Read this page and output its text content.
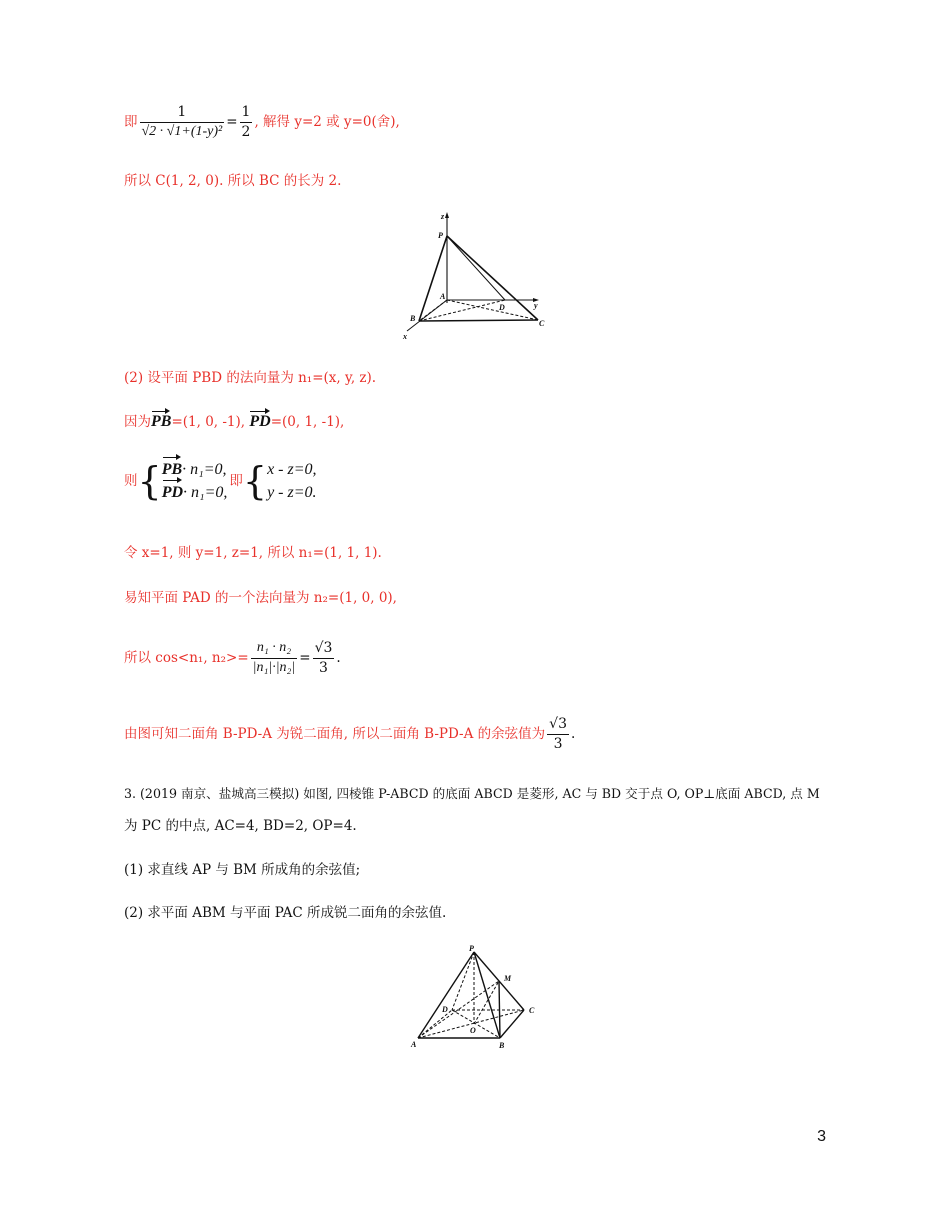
即 $\frac{1}{\text{√2 · √1+(1-y)²}} = \frac{1}{2}$ , 解得 y=2 或 y=0(舍),
所以 C(1, 2, 0). 所以 BC 的长为 2.
z
P
A
D	y
B
C
x
(2) 设平面 PBD 的法向量为 n₁=(x, y, z).
因为PB=(1, 0, -1), PD=(0, 1, -1),
则{PB· n₁=0,
PD· n₁=0,即{x - z=0,
y - z=0.
令 x=1, 则 y=1, z=1, 所以 n₁=(1, 1, 1).
易知平面 PAD 的一个法向量为 n₂=(1, 0, 0),
所以 cos<n₁, $n_2>= \frac{\text{n₁ · n₂}}{\text{|n₁|·|n₂|}} = \frac{√3}{3}$ .
由图可知二面角 B-PD-A 为锐二面角, 所以二面角 B-PD-A 的余弦值为 $\frac{√3}{3}$ .
3. (2019 南京、盐城高三模拟) 如图, 四棱锥 P-ABCD 的底面 ABCD 是菱形, AC 与 BD 交于点 O, OP⊥底面 ABCD, 点 M
为 PC 的中点, AC=4, BD=2, OP=4.
(1) 求直线 AP 与 BM 所成角的余弦值;
(2) 求平面 ABM 与平面 PAC 所成锐二面角的余弦值.
P
M
D	C
O
A	B
3
